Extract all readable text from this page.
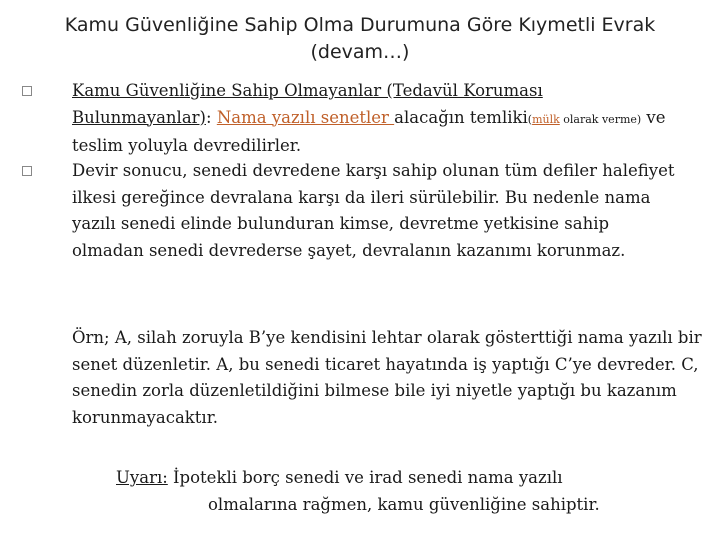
Kamu Güvenliğine Sahip Olma Durumuna Göre Kıymetli Evrak
(devam…)
Kamu Güvenliğine Sahip Olmayanlar (Tedavül Koruması Bulunmayanlar): Nama yazılı senetler alacağın temliki(mülk olarak verme) ve teslim yoluyla devredilirler.
Devir sonucu, senedi devredene karşı sahip olunan tüm defiler halefiyet ilkesi gereğince devralana karşı da ileri sürülebilir. Bu nedenle nama yazılı senedi elinde bulunduran kimse, devretme yetkisine sahip olmadan senedi devrederse şayet, devralanın kazanımı korunmaz.
Örn; A, silah zoruyla B’ye kendisini lehtar olarak gösterttiği nama yazılı bir senet düzenletir. A, bu senedi ticaret hayatında iş yaptığı C’ye devreder. C, senedin zorla düzenletildiğini bilmese bile iyi niyetle yaptığı bu kazanım korunmayacaktır.
Uyarı: İpotekli borç senedi ve irad senedi nama yazılı
olmalarına rağmen, kamu güvenliğine sahiptir.
